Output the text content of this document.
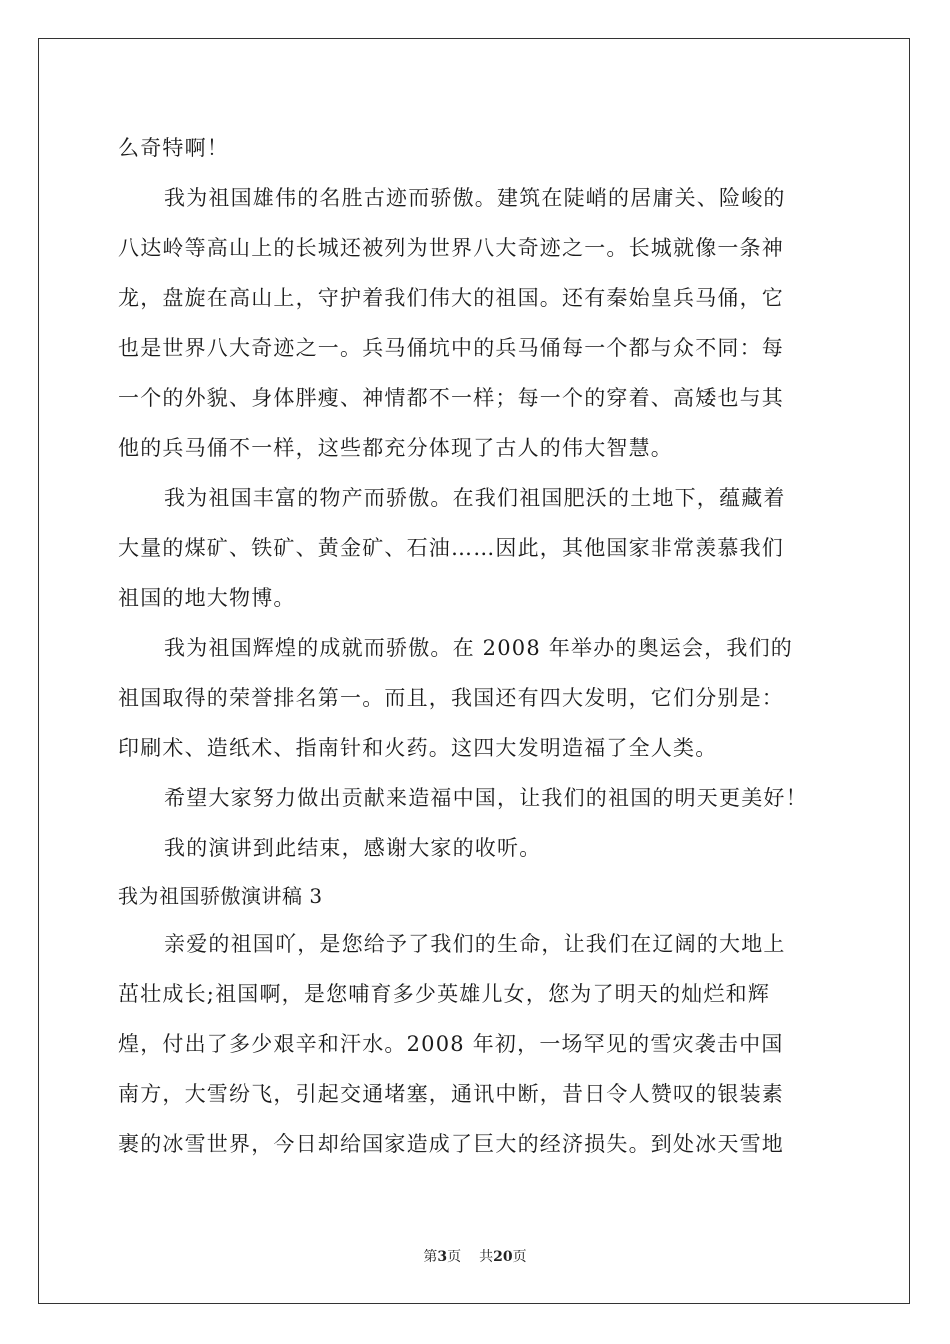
么奇特啊！
我为祖国雄伟的名胜古迹而骄傲。建筑在陡峭的居庸关、险峻的
八达岭等高山上的长城还被列为世界八大奇迹之一。长城就像一条神
龙，盘旋在高山上，守护着我们伟大的祖国。还有秦始皇兵马俑，它
也是世界八大奇迹之一。兵马俑坑中的兵马俑每一个都与众不同：每
一个的外貌、身体胖瘦、神情都不一样；每一个的穿着、高矮也与其
他的兵马俑不一样，这些都充分体现了古人的伟大智慧。
我为祖国丰富的物产而骄傲。在我们祖国肥沃的土地下，蕴藏着
大量的煤矿、铁矿、黄金矿、石油……因此，其他国家非常羡慕我们
祖国的地大物博。
我为祖国辉煌的成就而骄傲。在 2008 年举办的奥运会，我们的
祖国取得的荣誉排名第一。而且，我国还有四大发明，它们分别是：
印刷术、造纸术、指南针和火药。这四大发明造福了全人类。
希望大家努力做出贡献来造福中国，让我们的祖国的明天更美好！
我的演讲到此结束，感谢大家的收听。
我为祖国骄傲演讲稿 3
亲爱的祖国吖，是您给予了我们的生命，让我们在辽阔的大地上
茁壮成长;祖国啊，是您哺育多少英雄儿女，您为了明天的灿烂和辉
煌，付出了多少艰辛和汗水。2008 年初，一场罕见的雪灾袭击中国
南方，大雪纷飞，引起交通堵塞，通讯中断，昔日令人赞叹的银装素
裹的冰雪世界，今日却给国家造成了巨大的经济损失。到处冰天雪地
第3页 共20页
